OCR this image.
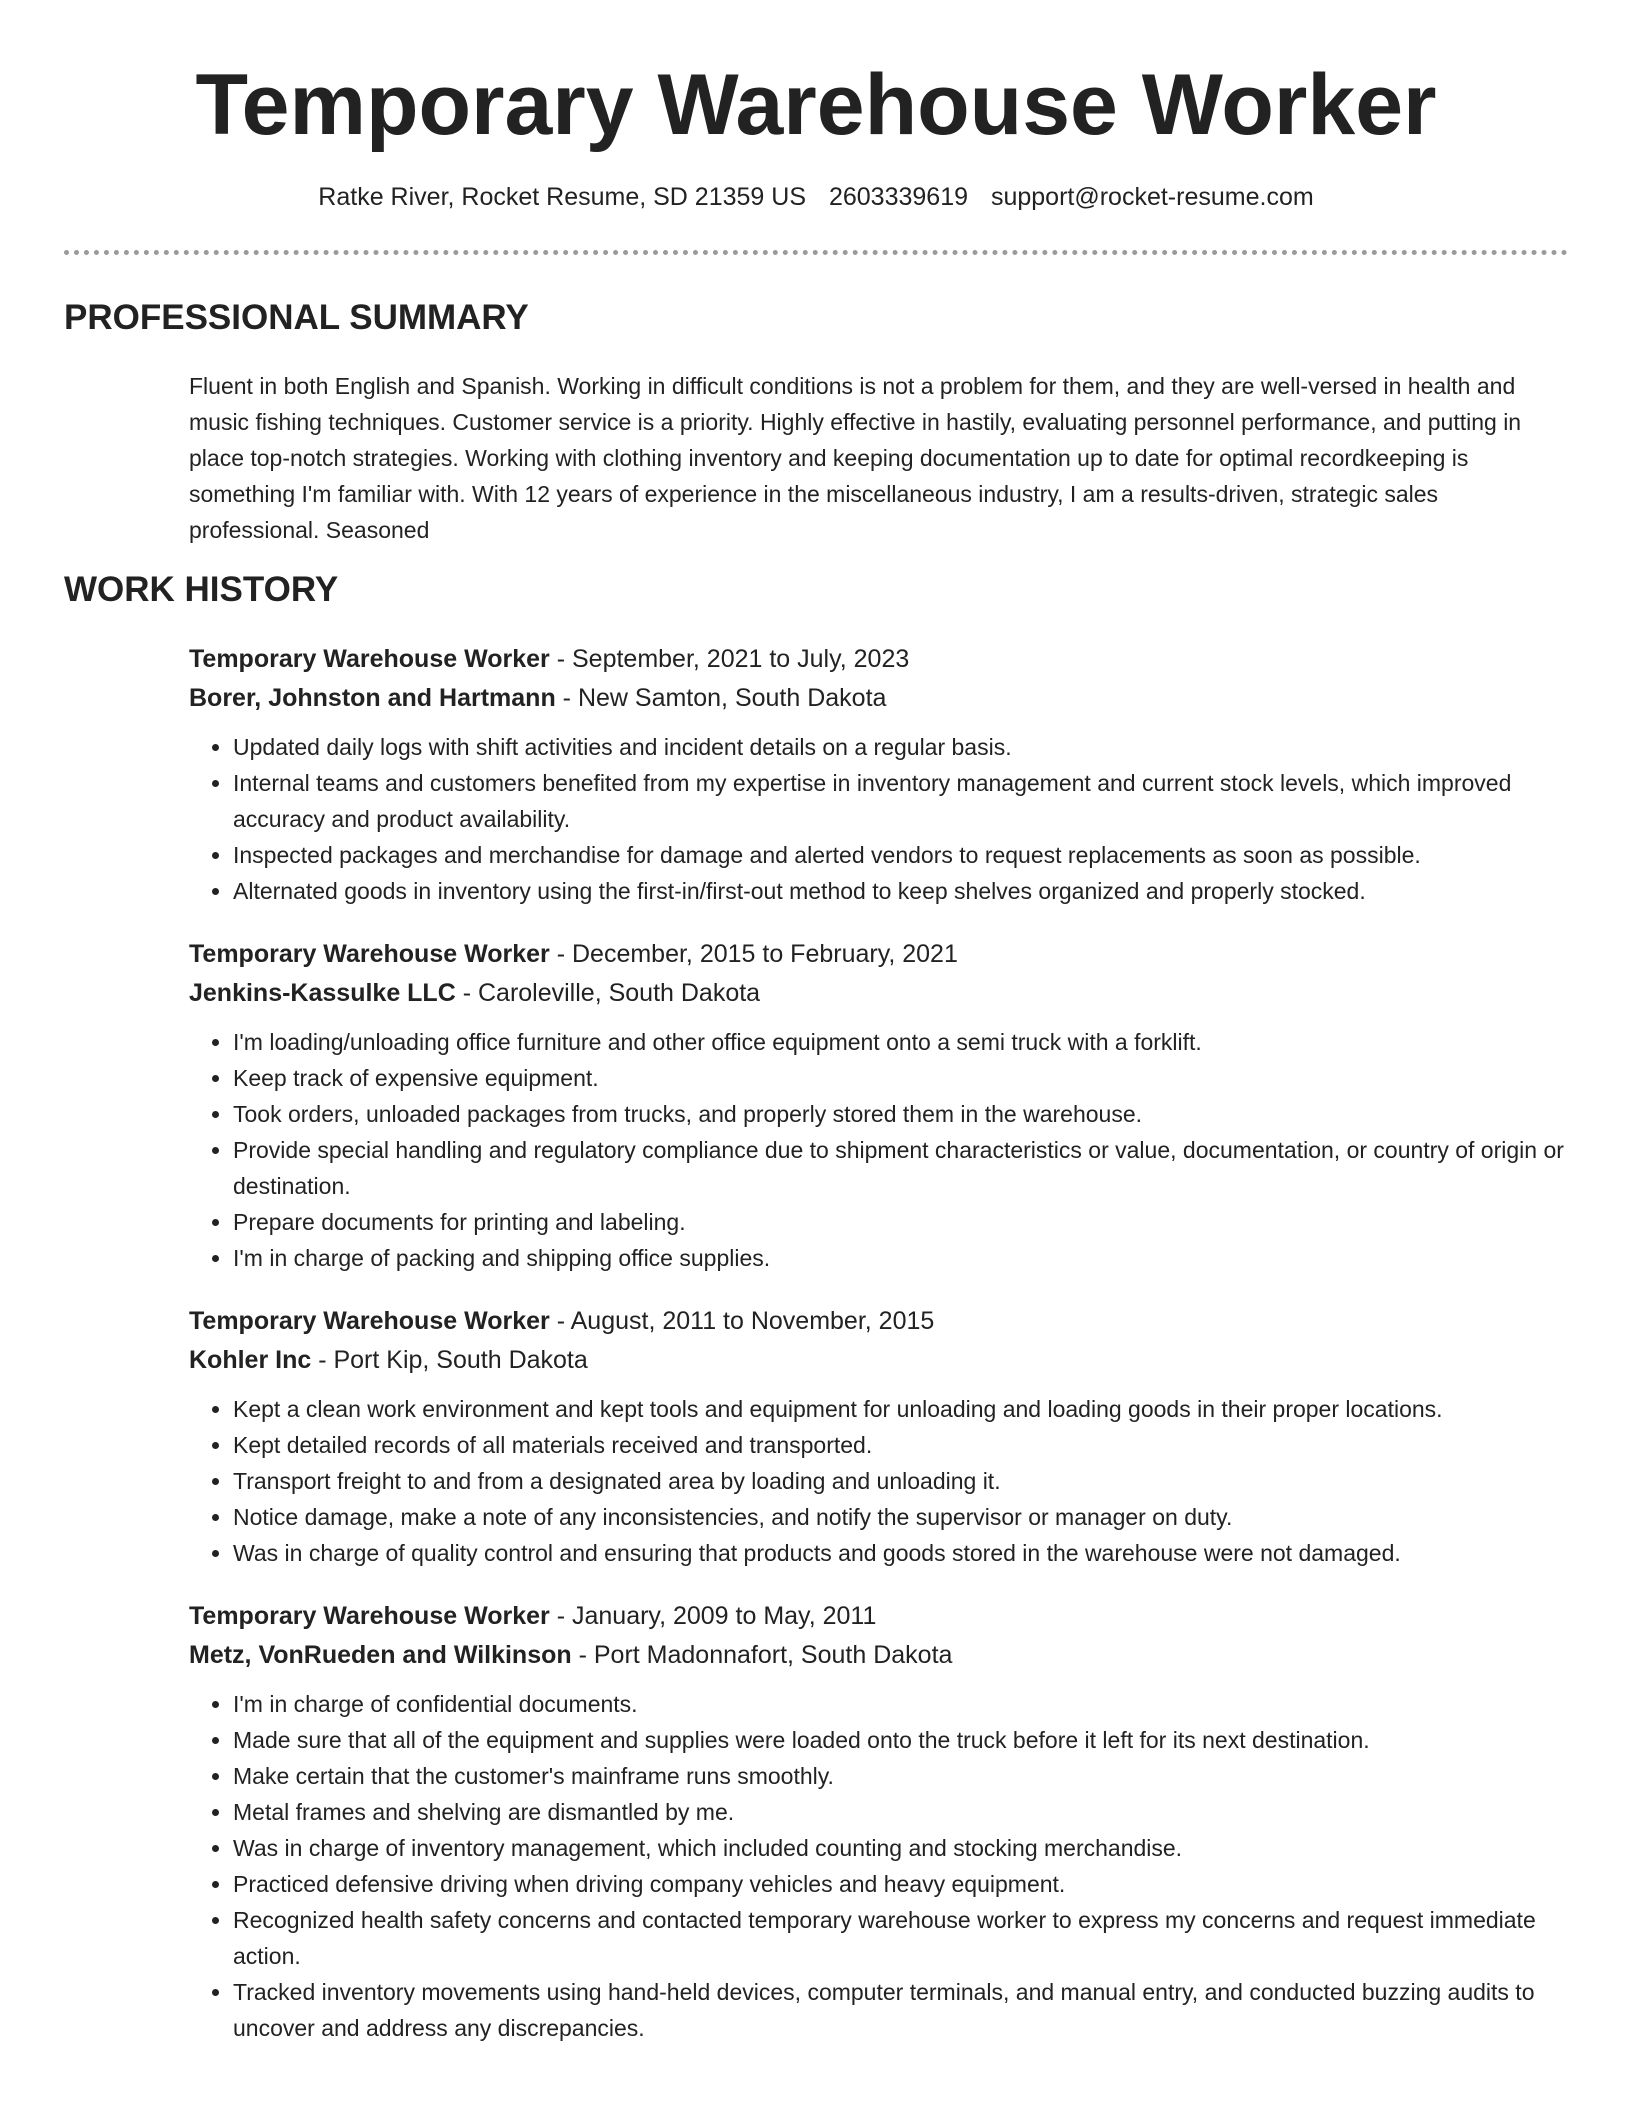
Temporary Warehouse Worker
Ratke River, Rocket Resume, SD 21359 US 2603339619 support@rocket-resume.com
PROFESSIONAL SUMMARY

Fluent in both English and Spanish. Working in difficult conditions is not a problem for them, and they are well-versed in health and music fishing techniques. Customer service is a priority. Highly effective in hastily, evaluating personnel performance, and putting in place top-notch strategies. Working with clothing inventory and keeping documentation up to date for optimal recordkeeping is something I'm familiar with. With 12 years of experience in the miscellaneous industry, I am a results-driven, strategic sales professional. Seasoned

WORK HISTORY

Temporary Warehouse Worker - September, 2021 to July, 2023

Borer, Johnston and Hartmann - New Samton, South Dakota

• Updated daily logs with shift activities and incident details on a regular basis.
• Internal teams and customers benefited from my expertise in inventory management and current stock levels, which improved accuracy and product availability.
• Inspected packages and merchandise for damage and alerted vendors to request replacements as soon as possible.
• Alternated goods in inventory using the first-in/first-out method to keep shelves organized and properly stocked.

Temporary Warehouse Worker - December, 2015 to February, 2021

Jenkins-Kassulke LLC - Caroleville, South Dakota

• I'm loading/unloading office furniture and other office equipment onto a semi truck with a forklift.
• Keep track of expensive equipment.
• Took orders, unloaded packages from trucks, and properly stored them in the warehouse.
• Provide special handling and regulatory compliance due to shipment characteristics or value, documentation, or country of origin or destination.
• Prepare documents for printing and labeling.
• I'm in charge of packing and shipping office supplies.

Temporary Warehouse Worker - August, 2011 to November, 2015

Kohler Inc - Port Kip, South Dakota

• Kept a clean work environment and kept tools and equipment for unloading and loading goods in their proper locations.
• Kept detailed records of all materials received and transported.
• Transport freight to and from a designated area by loading and unloading it.
• Notice damage, make a note of any inconsistencies, and notify the supervisor or manager on duty.
• Was in charge of quality control and ensuring that products and goods stored in the warehouse were not damaged.

Temporary Warehouse Worker - January, 2009 to May, 2011

Metz, VonRueden and Wilkinson - Port Madonnafort, South Dakota

• I'm in charge of confidential documents.
• Made sure that all of the equipment and supplies were loaded onto the truck before it left for its next destination.
• Make certain that the customer's mainframe runs smoothly.
• Metal frames and shelving are dismantled by me.
• Was in charge of inventory management, which included counting and stocking merchandise.
• Practiced defensive driving when driving company vehicles and heavy equipment.
• Recognized health safety concerns and contacted temporary warehouse worker to express my concerns and request immediate action.
• Tracked inventory movements using hand-held devices, computer terminals, and manual entry, and conducted buzzing audits to uncover and address any discrepancies.
